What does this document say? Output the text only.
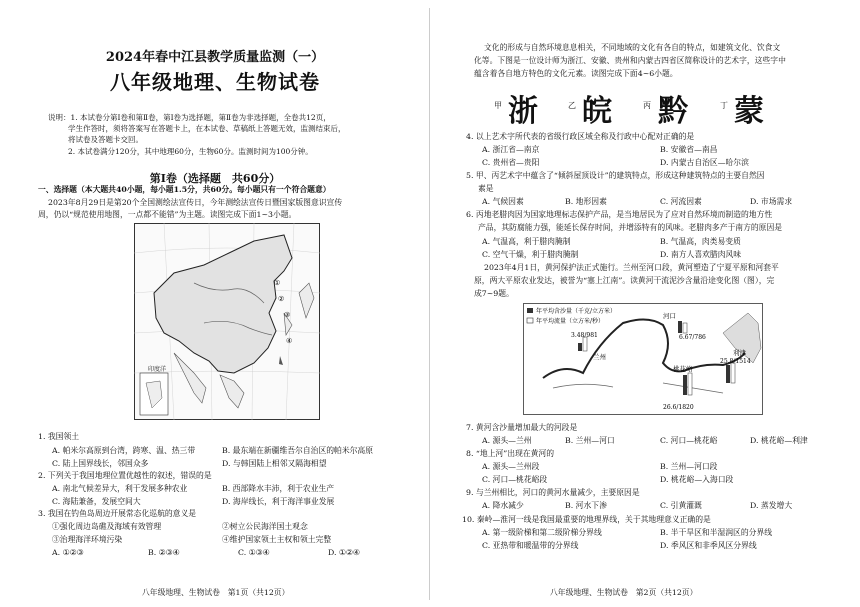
2024年春中江县教学质量监测（一）
八年级地理、生物试卷
说明：1. 本试卷分第Ⅰ卷和第Ⅱ卷，第Ⅰ卷为选择题，第Ⅱ卷为非选择题，全卷共12页，
学生作答时，须将答案写在答题卡上，在本试卷、草稿纸上答题无效，监测结束后，
将试卷及答题卡交回。
2. 本试卷满分120分，其中地理60分，生物60分。监测时间为100分钟。
第Ⅰ卷（选择题　共60分）
一、选择题（本大题共40小题，每小题1.5分，共60分。每小题只有一个符合题意）
2023年8月29日是第20个全国测绘法宣传日，今年测绘法宣传日暨国家版图意识宣传
周，仍以“规范使用地图，一点都不能错”为主题。读图完成下面1~3小题。
印度洋
①
②
③
④
1. 我国领土
A. 帕米尔高原到台湾，跨寒、温、热三带	B. 最东端在新疆维吾尔自治区的帕米尔高原
C. 陆上国界线长，邻国众多	D. 与韩国陆上相邻又隔海相望
2. 下列关于我国地理位置优越性的叙述，错误的是
A. 南北气候差异大，利于发展多种农业	B. 西部降水丰沛，利于农业生产
C. 海陆兼备，发展空间大	D. 海岸线长，利于海洋事业发展
3. 我国在钓鱼岛周边开展常态化巡航的意义是
①强化周边岛礁及海域有效管理	②树立公民海洋国土观念
③治理海洋环境污染	④维护国家领土主权和领土完整
A. ①②③	B. ②③④	C. ①③④	D. ①②④
八年级地理、生物试卷　第1页（共12页）
文化的形成与自然环境息息相关，不同地域的文化有各自的特点，如建筑文化、饮食文
化等。下图是一位设计师为浙江、安徽、贵州和内蒙古四省区简称设计的艺术字，这些字中
蕴含着各自地方特色的文化元素。读图完成下面4~6小题。
甲 浙	乙 皖	丙 黔	丁 蒙
4. 以上艺术字所代表的省级行政区域全称及行政中心配对正确的是
A. 浙江省—南京	B. 安徽省—南昌
C. 贵州省—贵阳	D. 内蒙古自治区—哈尔滨
5. 甲、丙艺术字中蕴含了“倾斜屋顶设计”的建筑特点，形成这种建筑特点的主要自然因
素是
A. 气候因素	B. 地形因素	C. 河流因素	D. 市场需求
6. 丙地老腊肉因为国家地理标志保护产品，是当地居民为了应对自然环境而制造的地方性
产品，其防腐能力强，能延长保存时间，并增添特有的风味。老腊肉多产于南方的原因是
A. 气温高，利于腊肉腌制	B. 气温高，肉类易变质
C. 空气干燥，利于腊肉腌制	D. 南方人喜欢腊肉风味
2023年4月1日，黄河保护法正式施行。兰州至河口段，黄河塑造了宁夏平原和河套平
原，两大平原农业发达，被誉为“塞上江南”。读黄河干流泥沙含量沿途变化图（图），完
成7~9题。
年平均含沙量（千克/立方米）
年平均流量（立方米/秒）
兰州
3.48/981
河口
6.67/786
利津
25.8/1514
桃花峪
26.6/1820
7. 黄河含沙量增加最大的河段是
A. 源头—兰州	B. 兰州—河口	C. 河口—桃花峪	D. 桃花峪—利津
8. “地上河”出现在黄河的
A. 源头—兰州段	B. 兰州—河口段
C. 河口—桃花峪段	D. 桃花峪—入海口段
9. 与兰州相比，河口的黄河水量减少，主要原因是
A. 降水减少	B. 河水下渗	C. 引黄灌溉	D. 蒸发增大
10. 秦岭—淮河一线是我国最重要的地理界线，关于其地理意义正确的是
A. 第一级阶梯和第二级阶梯分界线	B. 半干旱区和半湿润区的分界线
C. 亚热带和暖温带的分界线	D. 季风区和非季风区分界线
八年级地理、生物试卷　第2页（共12页）
